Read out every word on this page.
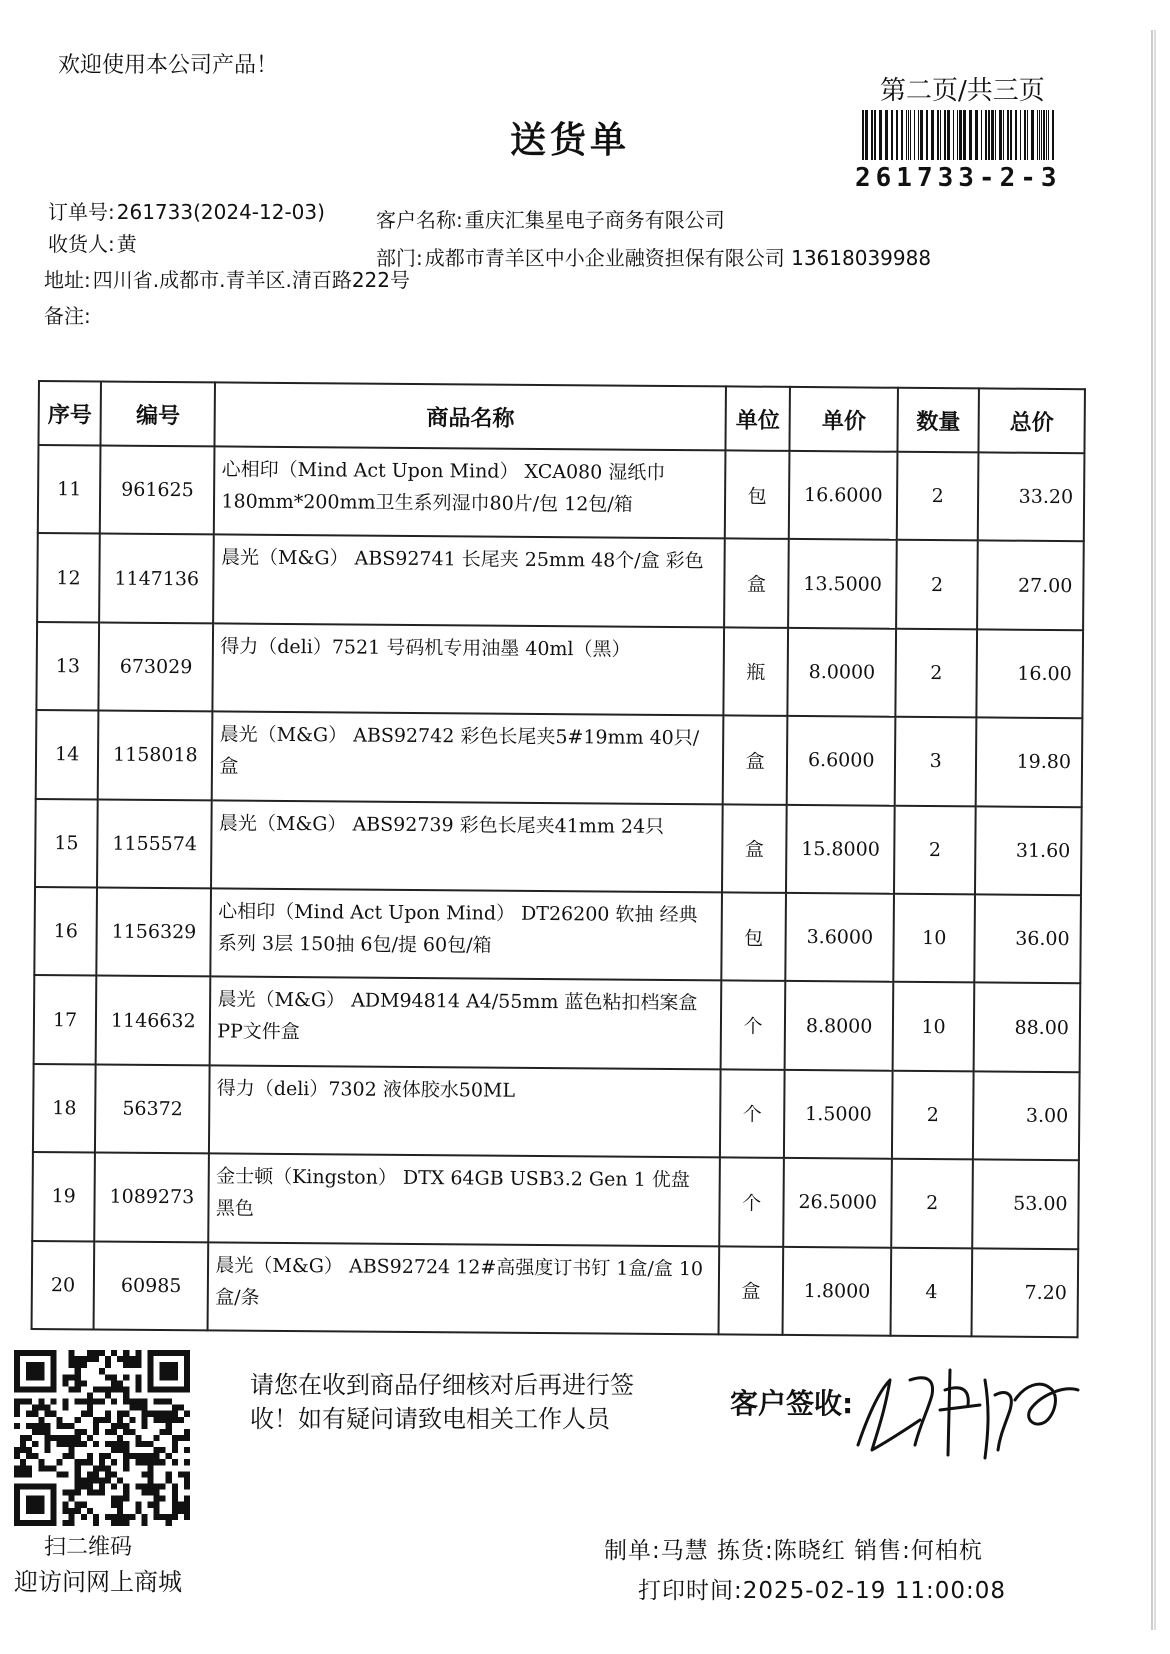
欢迎使用本公司产品！
送货单
第二页/共三页
261733-2-3
订单号: 261733(2024-12-03)
收货人: 黄
地址: 四川省.成都市.青羊区.清百路222号
备注:
客户名称: 重庆汇集星电子商务有限公司
部门: 成都市青羊区中小企业融资担保有限公司 13618039988
序号	编号	商品名称	单位	单价	数量	总价
11	961625	心相印（Mind Act Upon Mind） XCA080 湿纸巾 180mm*200mm卫生系列湿巾80片/包 12包/箱	包	16.6000	2	33.20
12	1147136	晨光（M&G） ABS92741 长尾夹 25mm 48个/盒 彩色	盒	13.5000	2	27.00
13	673029	得力（deli）7521 号码机专用油墨 40ml（黑）	瓶	8.0000	2	16.00
14	1158018	晨光（M&G） ABS92742 彩色长尾夹5#19mm 40只/盒	盒	6.6000	3	19.80
15	1155574	晨光（M&G） ABS92739 彩色长尾夹41mm 24只	盒	15.8000	2	31.60
16	1156329	心相印（Mind Act Upon Mind） DT26200 软抽 经典系列 3层 150抽 6包/提 60包/箱	包	3.6000	10	36.00
17	1146632	晨光（M&G） ADM94814 A4/55mm 蓝色粘扣档案盒 PP文件盒	个	8.8000	10	88.00
18	56372	得力（deli）7302 液体胶水50ML	个	1.5000	2	3.00
19	1089273	金士顿（Kingston） DTX 64GB USB3.2 Gen 1 优盘 黑色	个	26.5000	2	53.00
20	60985	晨光（M&G） ABS92724 12#高强度订书钉 1盒/盒 10盒/条	盒	1.8000	4	7.20
扫二维码
迎访问网上商城
请您在收到商品仔细核对后再进行签收！如有疑问请致电相关工作人员	客户签收:
制单:马慧 拣货:陈晓红 销售:何柏杭
打印时间:2025-02-19 11:00:08
